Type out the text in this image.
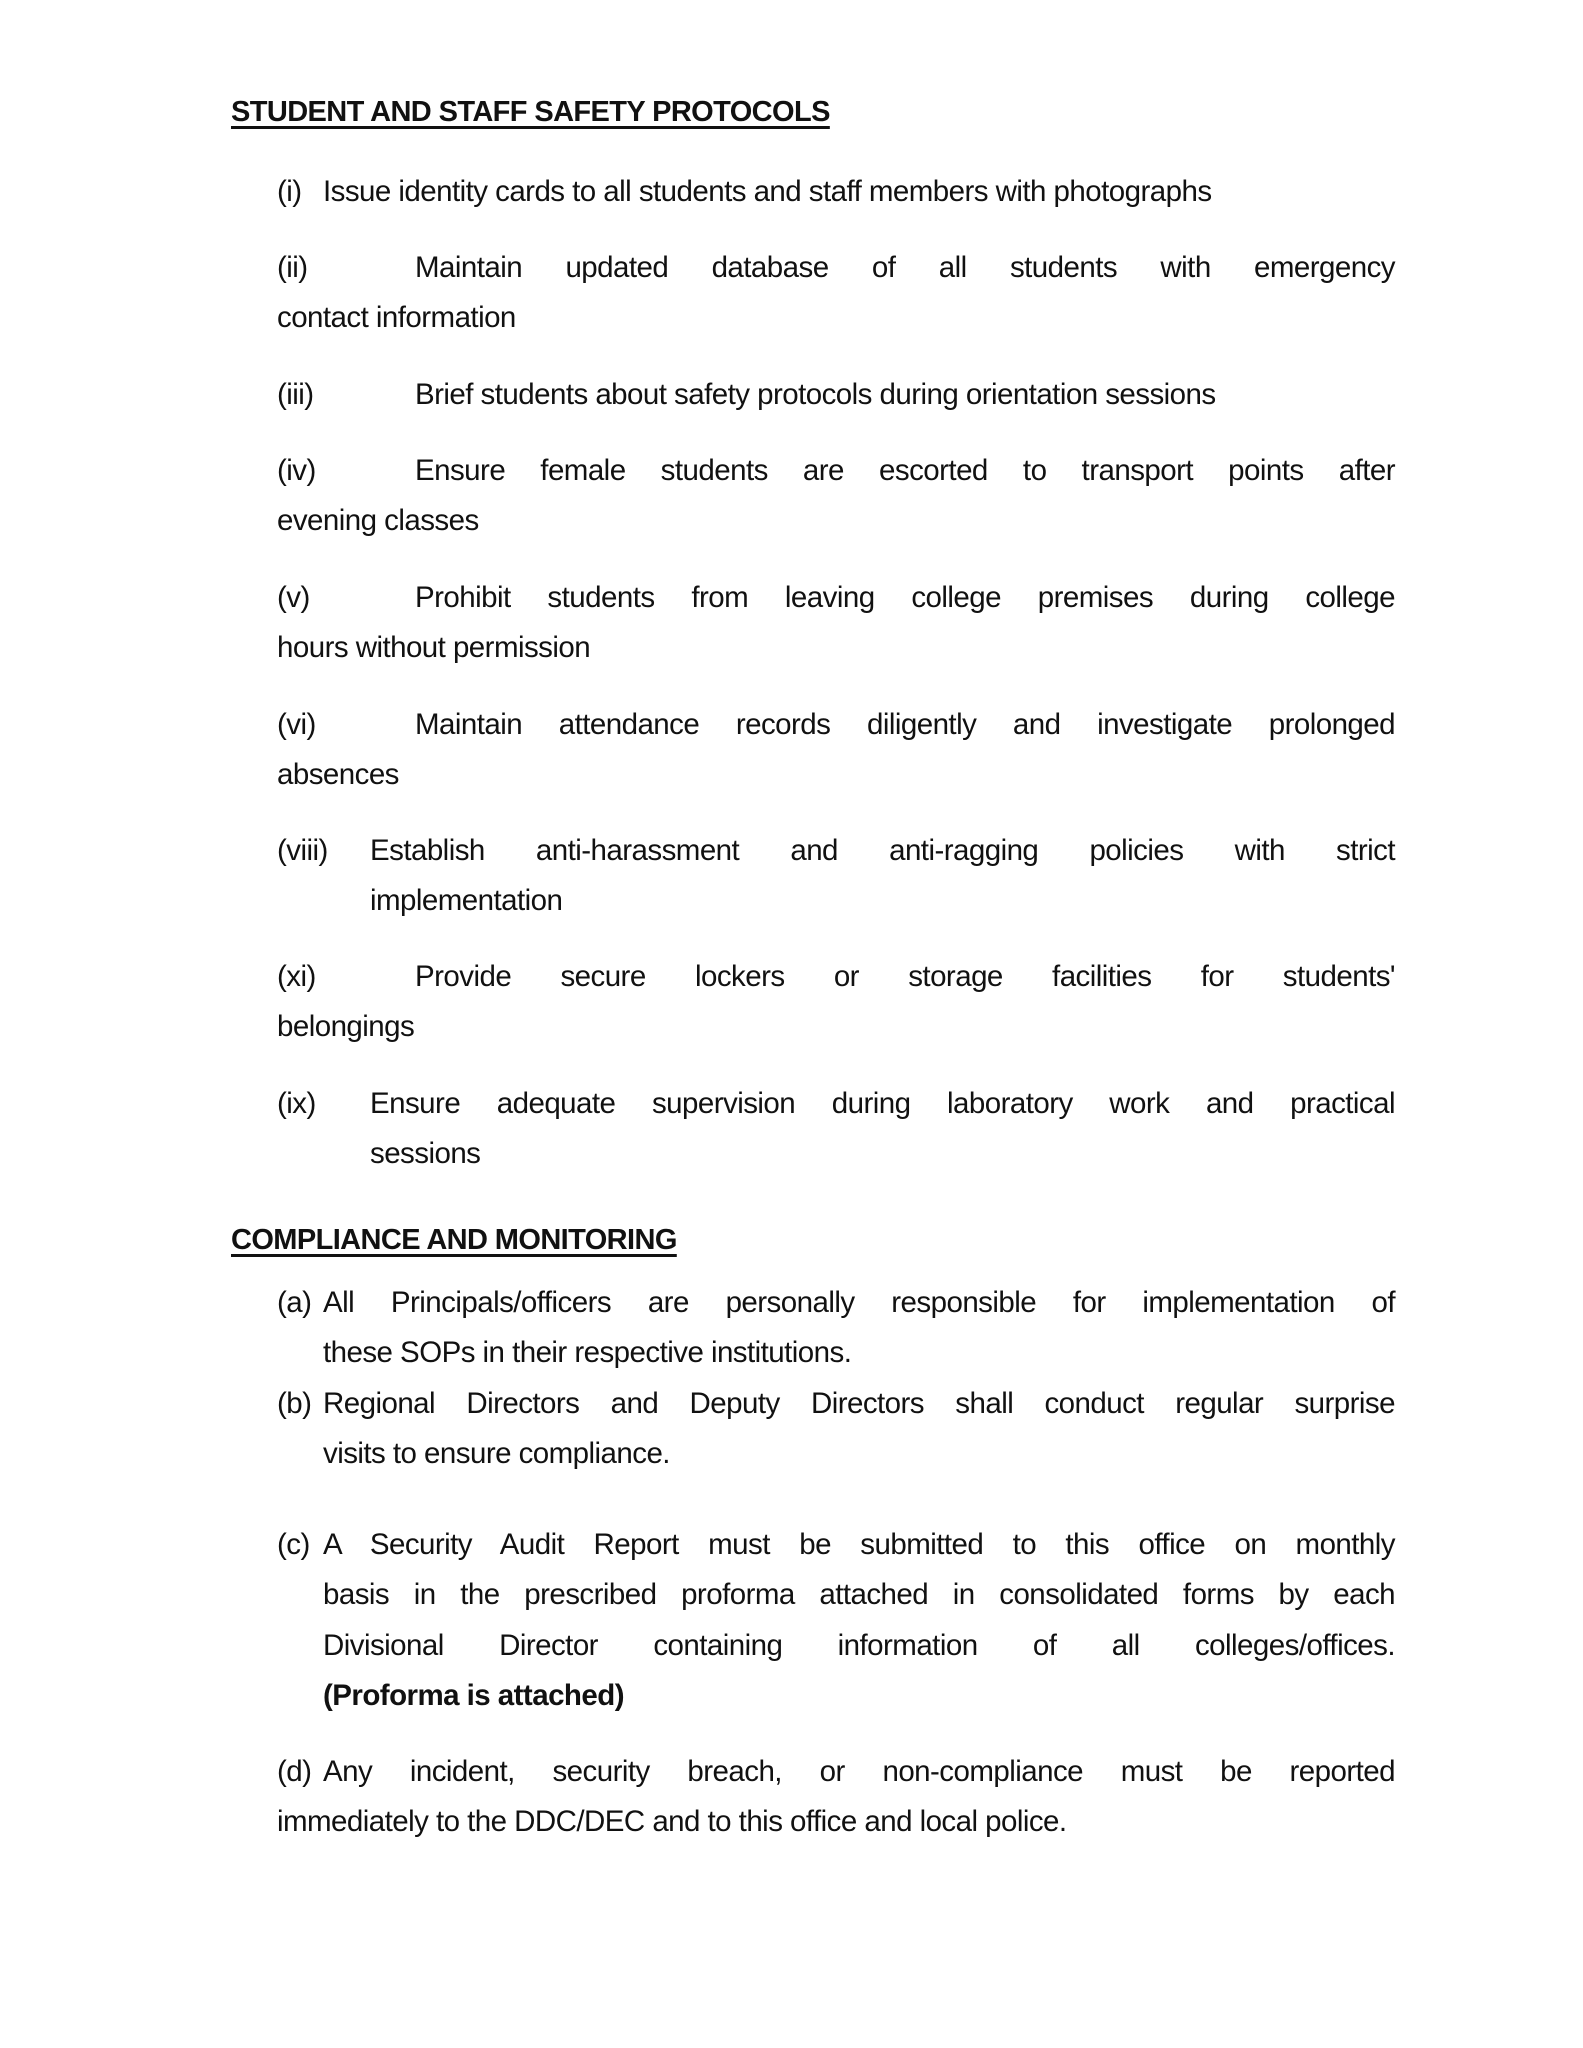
STUDENT AND STAFF SAFETY PROTOCOLS
(i) Issue identity cards to all students and staff members with photographs
(ii)	Maintain updated database of all students with emergency
contact information
(iii)	Brief students about safety protocols during orientation sessions
(iv)	Ensure female students are escorted to transport points after
evening classes
(v)	Prohibit students from leaving college premises during college
hours without permission
(vi)	Maintain attendance records diligently and investigate prolonged
absences
(viii) Establish anti-harassment and anti-ragging policies with strict
implementation
(xi)	Provide secure lockers or storage facilities for students'
belongings
(ix) Ensure adequate supervision during laboratory work and practical
sessions
COMPLIANCE AND MONITORING
(a) All Principals/officers are personally responsible for implementation of
these SOPs in their respective institutions.
(b) Regional Directors and Deputy Directors shall conduct regular surprise
visits to ensure compliance.
(c) A Security Audit Report must be submitted to this office on monthly
basis in the prescribed proforma attached in consolidated forms by each
Divisional Director containing information of all colleges/offices.
(Proforma is attached)
(d) Any incident, security breach, or non-compliance must be reported
immediately to the DDC/DEC and to this office and local police.
